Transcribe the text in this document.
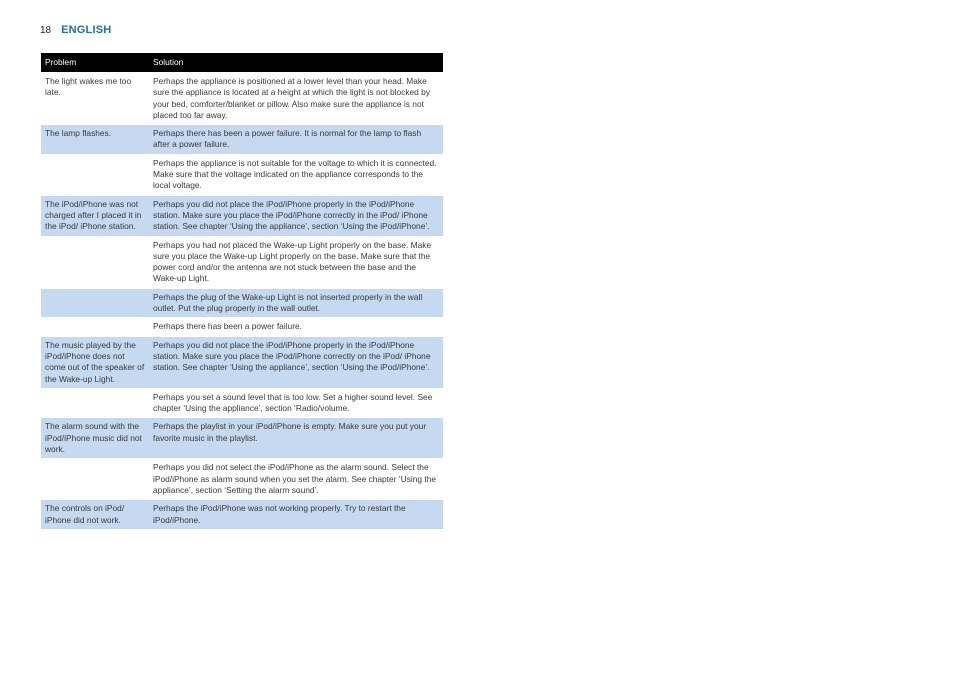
18 ENGLISH
Problem	Solution
The light wakes me too late.
Perhaps the appliance is positioned at a lower level than your head. Make sure the appliance is located at a height at which the light is not blocked by your bed, comforter/blanket or pillow. Also make sure the appliance is not placed too far away.
The lamp flashes.	Perhaps there has been a power failure. It is normal for the lamp to flash after a power failure.
Perhaps the appliance is not suitable for the voltage to which it is connected. Make sure that the voltage indicated on the appliance corresponds to the local voltage.
The iPod/iPhone was not charged after I placed it in the iPod/ iPhone station.
Perhaps you did not place the iPod/iPhone properly in the iPod/iPhone station. Make sure you place the iPod/iPhone correctly in the iPod/ iPhone station. See chapter ‘Using the appliance’, section ‘Using the iPod/iPhone’.
Perhaps you had not placed the Wake-up Light properly on the base. Make sure you place the Wake-up Light properly on the base. Make sure that the power cord and/or the antenna are not stuck between the base and the Wake-up Light.
Perhaps the plug of the Wake-up Light is not inserted properly in the wall outlet. Put the plug properly in the wall outlet.
Perhaps there has been a power failure.
The music played by the iPod/iPhone does not come out of the speaker of the Wake-up Light.
Perhaps you did not place the iPod/iPhone properly in the iPod/iPhone station. Make sure you place the iPod/iPhone correctly on the iPod/ iPhone station. See chapter ‘Using the appliance’, section ‘Using the iPod/iPhone’.
Perhaps you set a sound level that is too low. Set a higher sound level. See chapter ‘Using the appliance’, section ‘Radio/volume.
The alarm sound with the iPod/iPhone music did not work.
Perhaps the playlist in your iPod/iPhone is empty. Make sure you put your favorite music in the playlist.
Perhaps you did not select the iPod/iPhone as the alarm sound. Select the iPod/iPhone as alarm sound when you set the alarm. See chapter ‘Using the appliance’, section ‘Setting the alarm sound’.
The controls on iPod/ iPhone did not work.
Perhaps the iPod/iPhone was not working properly. Try to restart the iPod/iPhone.
